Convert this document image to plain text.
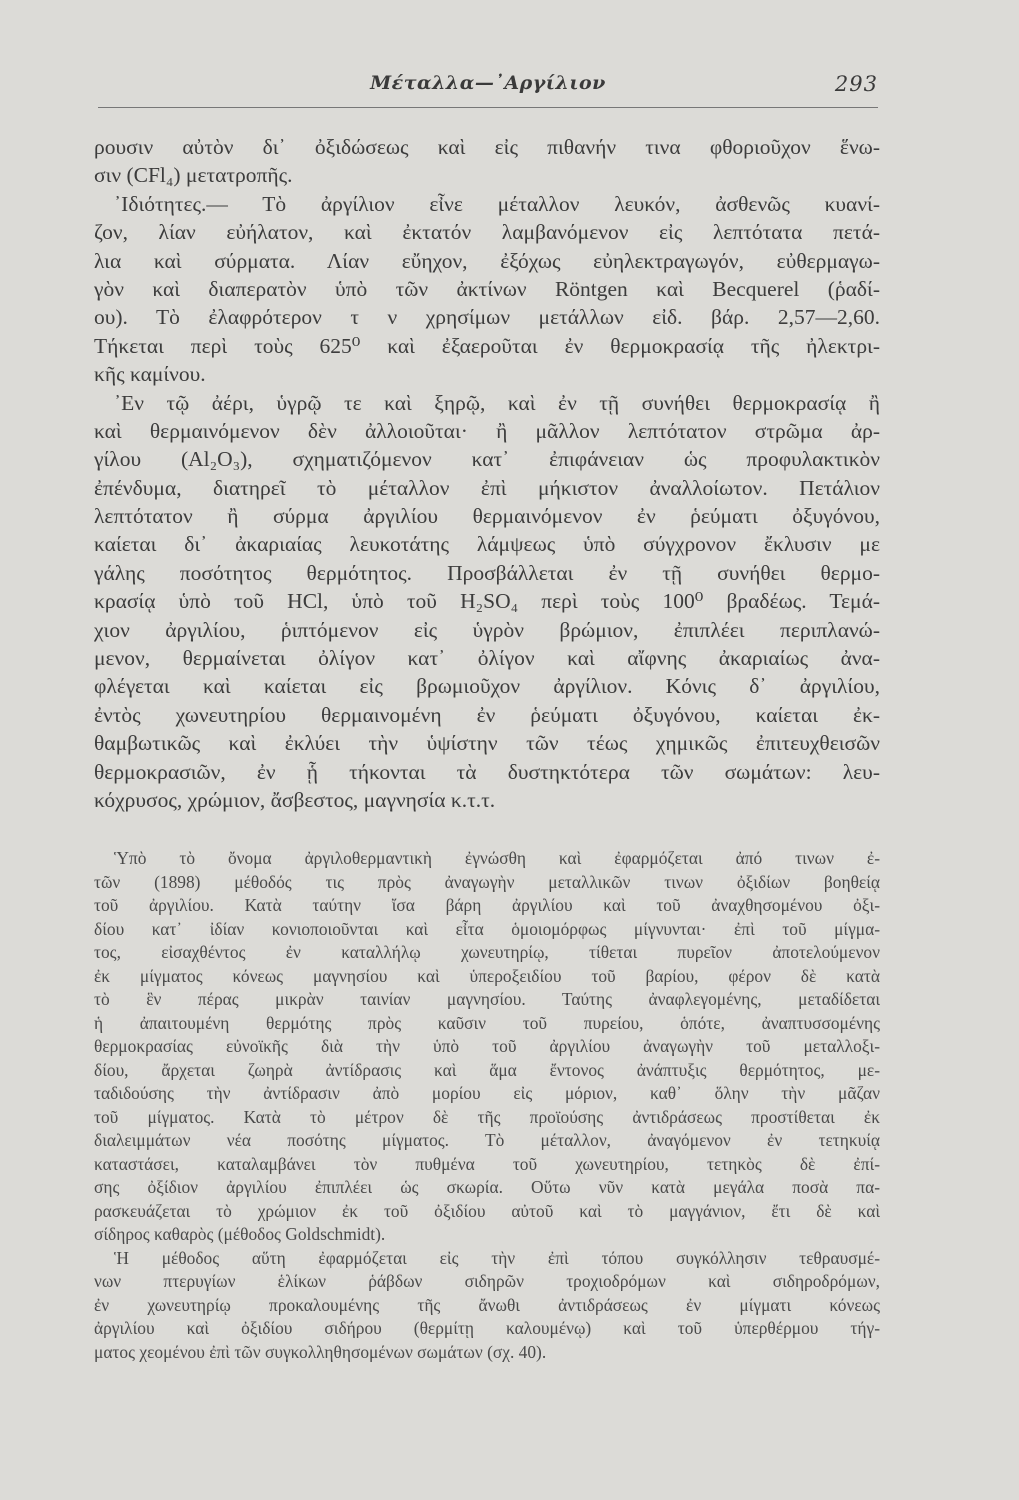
Μέταλλα—᾽Αργίλιον	293
ρουσιν αὐτὸν δι᾽ ὀξιδώσεως καὶ εἰς πιθανήν τινα φθοριοῦχον ἕνω-
σιν (CFl₄) μετατροπῆς.
᾽Ιδιότητες.— Τὸ ἀργίλιον εἶνε μέταλλον λευκόν, ἀσθενῶς κυανί-
ζον, λίαν εὐήλατον, καὶ ἐκτατόν λαμβανόμενον εἰς λεπτότατα πετά-
λια καὶ σύρματα. Λίαν εὔηχον, ἐξόχως εὐηλεκτραγωγόν, εὐθερμαγω-
γὸν καὶ διαπερατὸν ὑπὸ τῶν ἀκτίνων Röntgen καὶ Becquerel (ῥαδί-
ου). Τὸ ἐλαφρότερον τ ν χρησίμων μετάλλων εἰδ. βάρ. 2,57—2,60.
Τήκεται περὶ τοὺς 625⁰ καὶ ἐξαεροῦται ἐν θερμοκρασίᾳ τῆς ἠλεκτρι-
κῆς καμίνου.
᾽Εν τῷ ἀέρι, ὑγρῷ τε καὶ ξηρῷ, καὶ ἐν τῇ συνήθει θερμοκρασίᾳ ἢ
καὶ θερμαινόμενον δὲν ἀλλοιοῦται· ἢ μᾶλλον λεπτότατον στρῶμα ἀρ-
γίλου (Al₂O₃), σχηματιζόμενον κατ᾽ ἐπιφάνειαν ὡς προφυλακτικὸν
ἐπένδυμα, διατηρεῖ τὸ μέταλλον ἐπὶ μήκιστον ἀναλλοίωτον. Πετάλιον
λεπτότατον ἢ σύρμα ἀργιλίου θερμαινόμενον ἐν ῥεύματι ὀξυγόνου,
καίεται δι᾽ ἀκαριαίας λευκοτάτης λάμψεως ὑπὸ σύγχρονον ἔκλυσιν με
γάλης ποσότητος θερμότητος. Προσβάλλεται ἐν τῇ συνήθει θερμο-
κρασίᾳ ὑπὸ τοῦ HCl, ὑπὸ τοῦ H₂SO₄ περὶ τοὺς 100⁰ βραδέως. Τεμά-
χιον ἀργιλίου, ῥιπτόμενον εἰς ὑγρὸν βρώμιον, ἐπιπλέει περιπλανώ-
μενον, θερμαίνεται ὀλίγον κατ᾽ ὀλίγον καὶ αἴφνης ἀκαριαίως ἀνα-
φλέγεται καὶ καίεται εἰς βρωμιοῦχον ἀργίλιον. Κόνις δ᾽ ἀργιλίου,
ἐντὸς χωνευτηρίου θερμαινομένη ἐν ῥεύματι ὀξυγόνου, καίεται ἐκ-
θαμβωτικῶς καὶ ἐκλύει τὴν ὑψίστην τῶν τέως χημικῶς ἐπιτευχθεισῶν
θερμοκρασιῶν, ἐν ᾗ τήκονται τὰ δυστηκτότερα τῶν σωμάτων: λευ-
κόχρυσος, χρώμιον, ἄσβεστος, μαγνησία κ.τ.τ.
Ὑπὸ τὸ ὄνομα ἀργιλοθερμαντικὴ ἐγνώσθη καὶ ἐφαρμόζεται ἀπό τινων ἐ-
τῶν (1898) μέθοδός τις πρὸς ἀναγωγὴν μεταλλικῶν τινων ὀξιδίων βοηθείᾳ
τοῦ ἀργιλίου. Κατὰ ταύτην ἴσα βάρη ἀργιλίου καὶ τοῦ ἀναχθησομένου ὀξι-
δίου κατ᾽ ἰδίαν κονιοποιοῦνται καὶ εἶτα ὁμοιομόρφως μίγνυνται· ἐπὶ τοῦ μίγμα-
τος, εἰσαχθέντος ἐν καταλλήλῳ χωνευτηρίῳ, τίθεται πυρεῖον ἀποτελούμενον
ἐκ μίγματος κόνεως μαγνησίου καὶ ὑπεροξειδίου τοῦ βαρίου, φέρον δὲ κατὰ
τὸ ἓν πέρας μικρὰν ταινίαν μαγνησίου. Ταύτης ἀναφλεγομένης, μεταδίδεται
ἡ ἀπαιτουμένη θερμότης πρὸς καῦσιν τοῦ πυρείου, ὁπότε, ἀναπτυσσομένης
θερμοκρασίας εὐνοϊκῆς διὰ τὴν ὑπὸ τοῦ ἀργιλίου ἀναγωγὴν τοῦ μεταλλοξι-
δίου, ἄρχεται ζωηρὰ ἀντίδρασις καὶ ἅμα ἔντονος ἀνάπτυξις θερμότητος, με-
ταδιδούσης τὴν ἀντίδρασιν ἀπὸ μορίου εἰς μόριον, καθ᾽ ὅλην τὴν μᾶζαν
τοῦ μίγματος. Κατὰ τὸ μέτρον δὲ τῆς προϊούσης ἀντιδράσεως προστίθεται ἐκ
διαλειμμάτων νέα ποσότης μίγματος. Τὸ μέταλλον, ἀναγόμενον ἐν τετηκυίᾳ
καταστάσει, καταλαμβάνει τὸν πυθμένα τοῦ χωνευτηρίου, τετηκὸς δὲ ἐπί-
σης ὀξίδιον ἀργιλίου ἐπιπλέει ὡς σκωρία. Οὕτω νῦν κατὰ μεγάλα ποσὰ πα-
ρασκευάζεται τὸ χρώμιον ἐκ τοῦ ὀξιδίου αὐτοῦ καὶ τὸ μαγγάνιον, ἔτι δὲ καὶ
σίδηρος καθαρὸς (μέθοδος Goldschmidt).
Ἡ μέθοδος αὕτη ἐφαρμόζεται εἰς τὴν ἐπὶ τόπου συγκόλλησιν τεθραυσμέ-
νων πτερυγίων ἑλίκων ῥάβδων σιδηρῶν τροχιοδρόμων καὶ σιδηροδρόμων,
ἐν χωνευτηρίῳ προκαλουμένης τῆς ἄνωθι ἀντιδράσεως ἐν μίγματι κόνεως
ἀργιλίου καὶ ὀξιδίου σιδήρου (θερμίτῃ καλουμένῳ) καὶ τοῦ ὑπερθέρμου τήγ-
ματος χεομένου ἐπὶ τῶν συγκολληθησομένων σωμάτων (σχ. 40).
